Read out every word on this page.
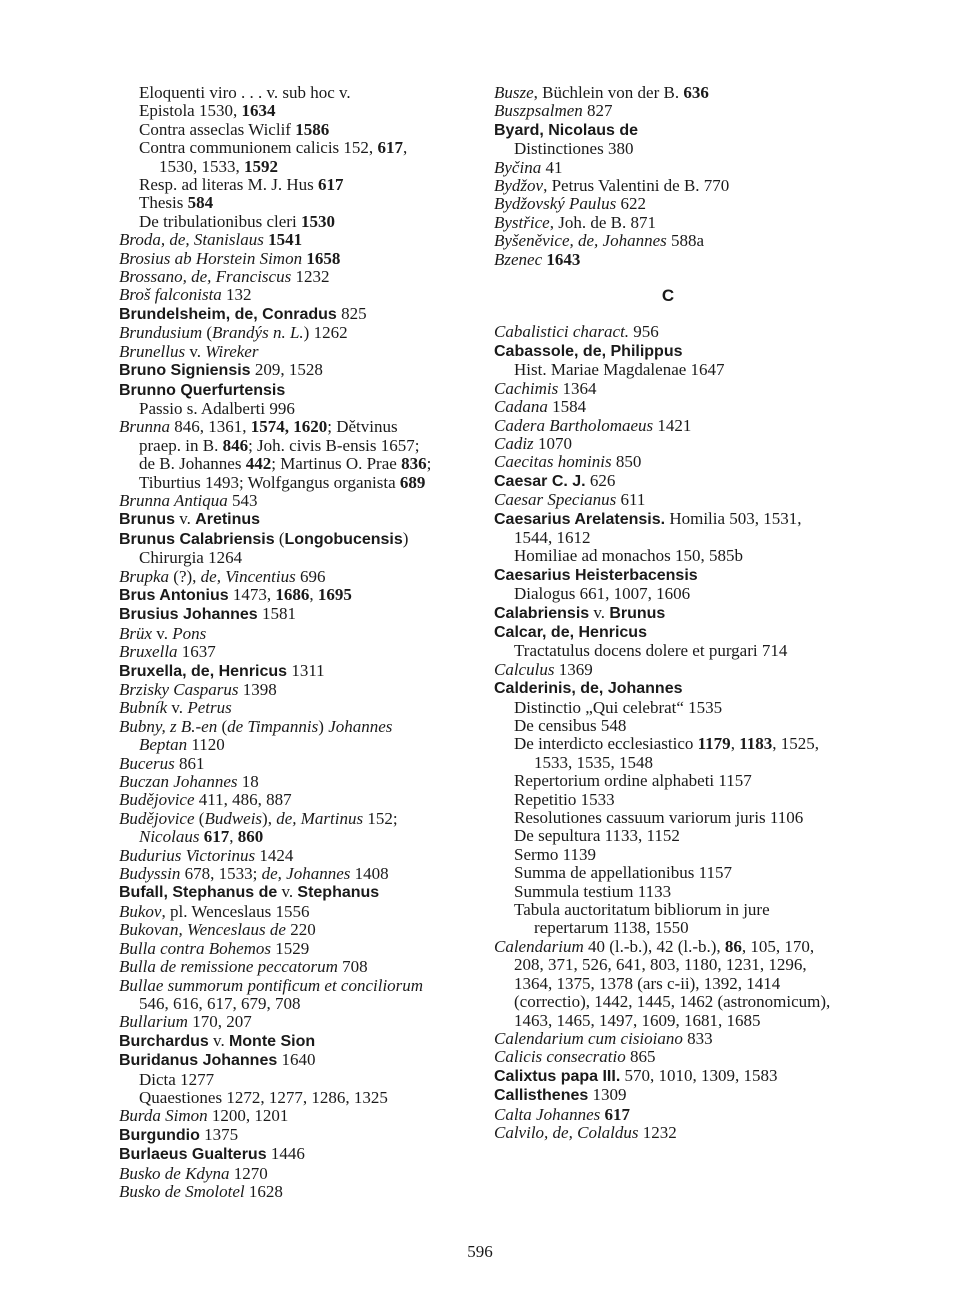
Eloquenti viro . . . v. sub hoc v.
Epistola 1530, 1634
Contra asseclas Wiclif 1586
Contra communionem calicis 152, 617, 1530, 1533, 1592
Resp. ad literas M. J. Hus 617
Thesis 584
De tribulationibus cleri 1530
Broda, de, Stanislaus 1541
Brosius ab Horstein Simon 1658
Brossano, de, Franciscus 1232
Broš falconista 132
Brundelsheim, de, Conradus 825
Brundusium (Brandýs n. L.) 1262
Brunellus v. Wireker
Bruno Signiensis 209, 1528
Brunno Querfurtensis
Passio s. Adalberti 996
Brunna 846, 1361, 1574, 1620; Dětvinus praep. in B. 846; Joh. civis B-ensis 1657; de B. Johannes 442; Martinus O. Prae 836; Tiburtius 1493; Wolfgangus organista 689
Brunna Antiqua 543
Brunus v. Aretinus
Brunus Calabriensis (Longobucensis)
Chirurgia 1264
Brupka (?), de, Vincentius 696
Brus Antonius 1473, 1686, 1695
Brusius Johannes 1581
Brüx v. Pons
Bruxella 1637
Bruxella, de, Henricus 1311
Brzisky Casparus 1398
Bubník v. Petrus
Bubny, z B.-en (de Timpannis) Johannes Beptan 1120
Bucerus 861
Buczan Johannes 18
Budějovice 411, 486, 887
Budějovice (Budweis), de, Martinus 152; Nicolaus 617, 860
Budurius Victorinus 1424
Budyssin 678, 1533; de, Johannes 1408
Bufall, Stephanus de v. Stephanus
Bukov, pl. Wenceslaus 1556
Bukovan, Wenceslaus de 220
Bulla contra Bohemos 1529
Bulla de remissione peccatorum 708
Bullae summorum pontificum et conciliorum 546, 616, 617, 679, 708
Bullarium 170, 207
Burchardus v. Monte Sion
Buridanus Johannes 1640
Dicta 1277
Quaestiones 1272, 1277, 1286, 1325
Burda Simon 1200, 1201
Burgundio 1375
Burlaeus Gualterus 1446
Busko de Kdyna 1270
Busko de Smolotel 1628
Busze, Büchlein von der B. 636
Buszpsalmen 827
Byard, Nicolaus de
Distinctiones 380
Byčina 41
Bydžov, Petrus Valentini de B. 770
Bydžovský Paulus 622
Bystřice, Joh. de B. 871
Byšeněvice, de, Johannes 588a
Bzenec 1643
C
Cabalistici charact. 956
Cabassole, de, Philippus
Hist. Mariae Magdalenae 1647
Cachimis 1364
Cadana 1584
Cadera Bartholomaeus 1421
Cadiz 1070
Caecitas hominis 850
Caesar C. J. 626
Caesar Specianus 611
Caesarius Arelatensis. Homilia 503, 1531, 1544, 1612
Homiliae ad monachos 150, 585b
Caesarius Heisterbacensis
Dialogus 661, 1007, 1606
Calabriensis v. Brunus
Calcar, de, Henricus
Tractatulus docens dolere et purgari 714
Calculus 1369
Calderinis, de, Johannes
Distinctio „Qui celebrat“ 1535
De censibus 548
De interdicto ecclesiastico 1179, 1183, 1525, 1533, 1535, 1548
Repertorium ordine alphabeti 1157
Repetitio 1533
Resolutiones cassuum variorum juris 1106
De sepultura 1133, 1152
Sermo 1139
Summa de appellationibus 1157
Summula testium 1133
Tabula auctoritatum bibliorum in jure repertarum 1138, 1550
Calendarium 40 (l.-b.), 42 (l.-b.), 86, 105, 170, 208, 371, 526, 641, 803, 1180, 1231, 1296, 1364, 1375, 1378 (ars c-ii), 1392, 1414 (correctio), 1442, 1445, 1462 (astronomicum), 1463, 1465, 1497, 1609, 1681, 1685
Calendarium cum cisioiano 833
Calicis consecratio 865
Calixtus papa III. 570, 1010, 1309, 1583
Callisthenes 1309
Calta Johannes 617
Calvilo, de, Colaldus 1232
596
